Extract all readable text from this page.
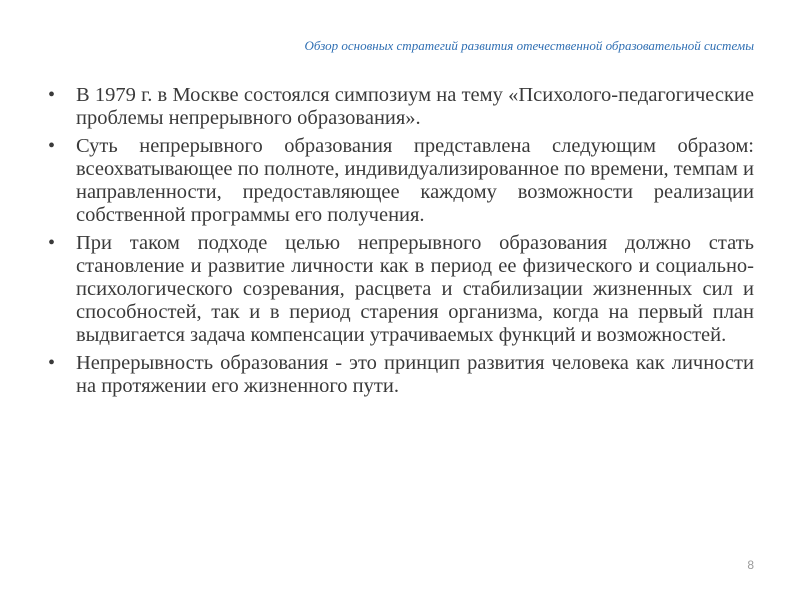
Обзор основных стратегий развития отечественной образовательной системы
•	В 1979 г. в Москве состоялся симпозиум на тему «Психолого-педагогические проблемы непрерывного образования».
•	Суть непрерывного образования представлена следующим образом: всеохватывающее по полноте, индивидуализированное по времени, темпам и направленности, предоставляющее каждому возможности реализации собственной программы его получения.
•	При таком подходе целью непрерывного образования должно стать становление и развитие личности как в период ее физического и социально-психологического созревания, расцвета и стабилизации жизненных сил и способностей, так и в период старения организма, когда на первый план выдвигается задача компенсации утрачиваемых функций и возможностей.
•	Непрерывность образования - это принцип развития человека как личности на протяжении его жизненного пути.
8
